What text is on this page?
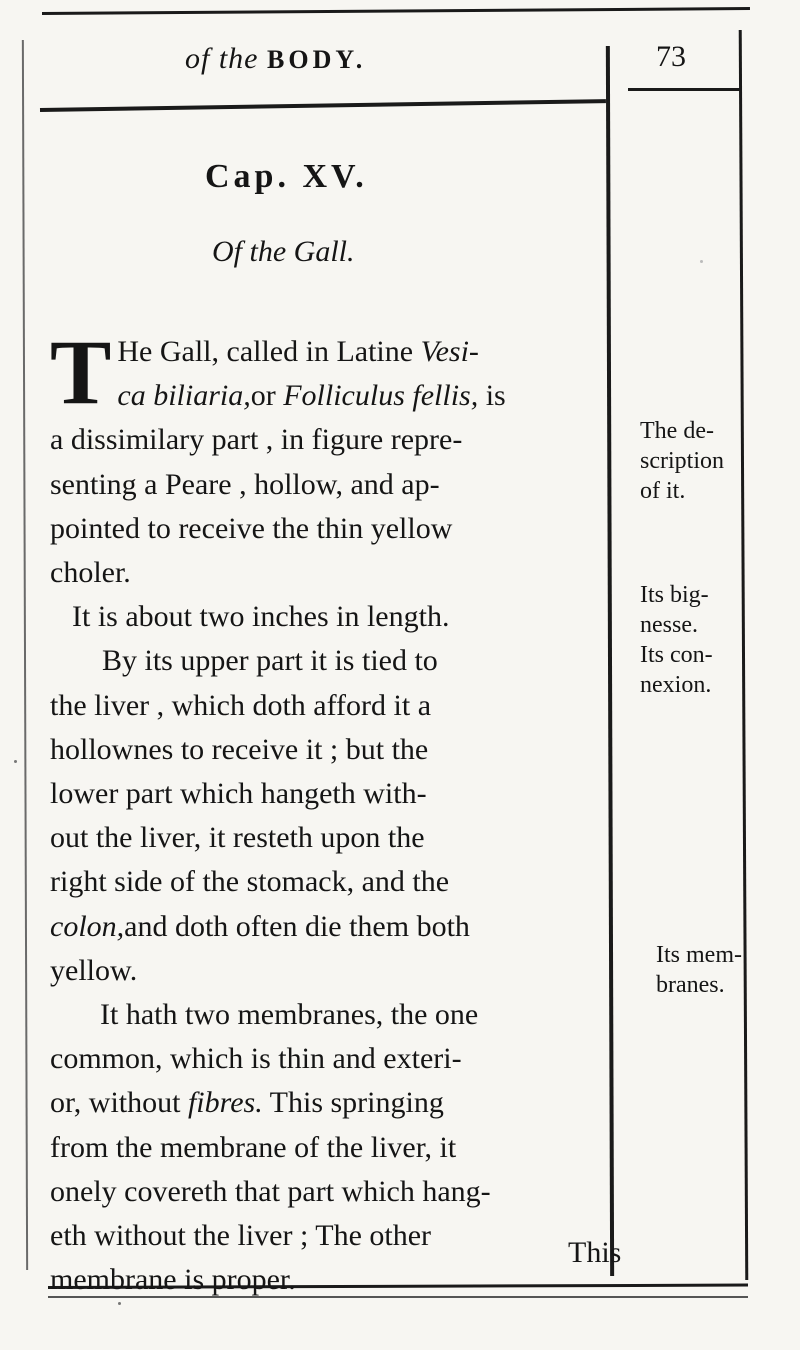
of the BODY.	73
Cap. XV.
Of the Gall.
T He Gall, called in Latine Vesi-
ca biliaria,or Folliculus fellis, is
a dissimilary part , in figure repre-
senting a Peare , hollow, and ap-
pointed to receive the thin yellow
choler.
It is about two inches in length.
By its upper part it is tied to
the liver , which doth afford it a
hollownes to receive it ; but the
lower part which hangeth with-
out the liver, it resteth upon the
right side of the stomack, and the
colon,and doth often die them both
yellow.
It hath two membranes, the one
common, which is thin and exteri-
or, without fibres. This springing
from the membrane of the liver, it
onely covereth that part which hang-
eth without the liver ; The other
membrane is proper.
This
The de-
scription
of it.
Its big-
nesse.
Its con-
nexion.
Its mem-
branes.
